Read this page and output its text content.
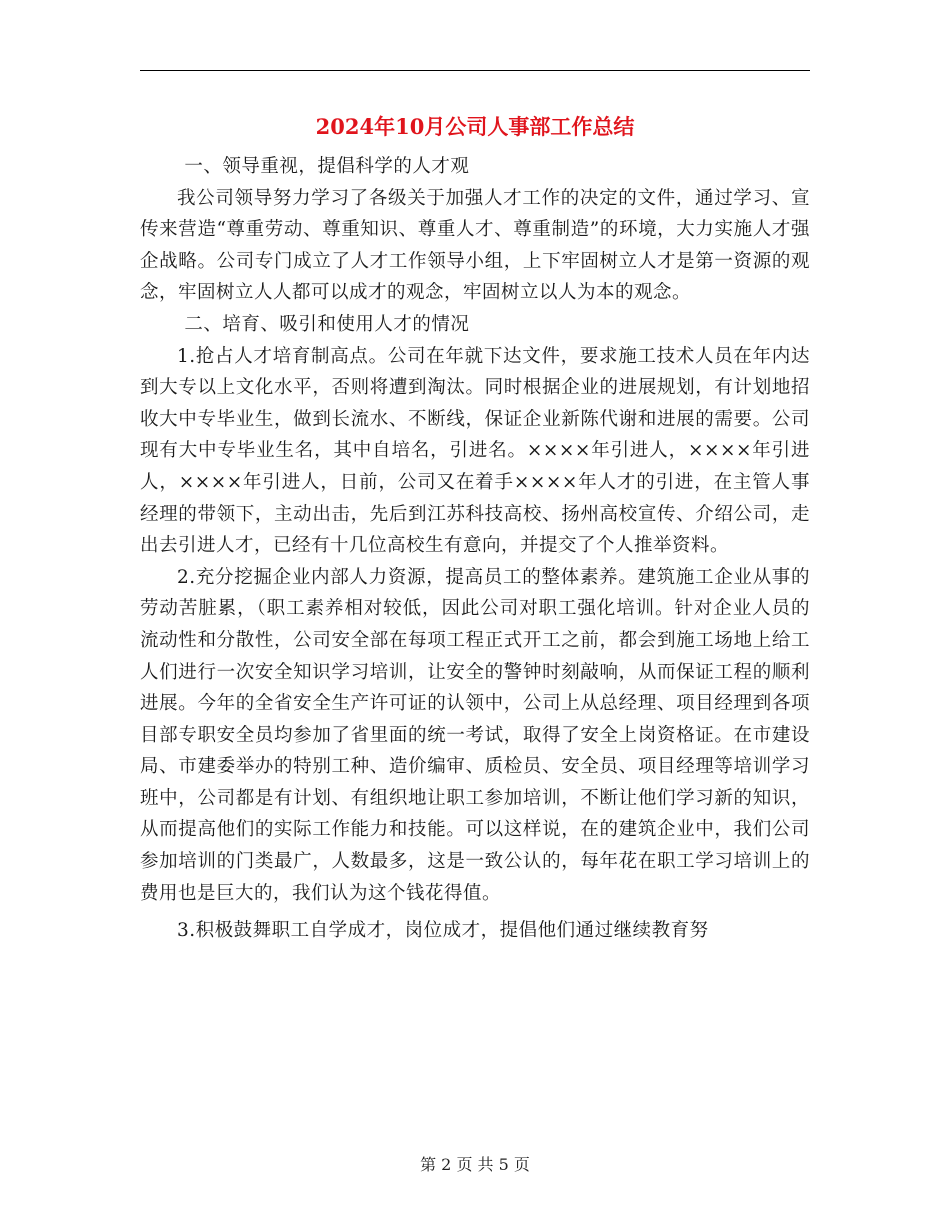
2024年10月公司人事部工作总结

一、领导重视，提倡科学的人才观

我公司领导努力学习了各级关于加强人才工作的决定的文件，通过学习、宣传来营造“尊重劳动、尊重知识、尊重人才、尊重制造”的环境，大力实施人才强企战略。公司专门成立了人才工作领导小组，上下牢固树立人才是第一资源的观念，牢固树立人人都可以成才的观念，牢固树立以人为本的观念。

二、培育、吸引和使用人才的情况

1.抢占人才培育制高点。公司在年就下达文件，要求施工技术人员在年内达到大专以上文化水平，否则将遭到淘汰。同时根据企业的进展规划，有计划地招收大中专毕业生，做到长流水、不断线，保证企业新陈代谢和进展的需要。公司现有大中专毕业生名，其中自培名，引进名。××××年引进人，××××年引进人，××××年引进人，日前，公司又在着手××××年人才的引进，在主管人事经理的带领下，主动出击，先后到江苏科技高校、扬州高校宣传、介绍公司，走出去引进人才，已经有十几位高校生有意向，并提交了个人推举资料。

2.充分挖掘企业内部人力资源，提高员工的整体素养。建筑施工企业从事的劳动苦脏累，（职工素养相对较低，因此公司对职工强化培训。针对企业人员的流动性和分散性，公司安全部在每项工程正式开工之前，都会到施工场地上给工人们进行一次安全知识学习培训，让安全的警钟时刻敲响，从而保证工程的顺利进展。今年的全省安全生产许可证的认领中，公司上从总经理、项目经理到各项目部专职安全员均参加了省里面的统一考试，取得了安全上岗资格证。在市建设局、市建委举办的特别工种、造价编审、质检员、安全员、项目经理等培训学习班中，公司都是有计划、有组织地让职工参加培训，不断让他们学习新的知识，从而提高他们的实际工作能力和技能。可以这样说，在的建筑企业中，我们公司参加培训的门类最广，人数最多，这是一致公认的，每年花在职工学习培训上的费用也是巨大的，我们认为这个钱花得值。

3.积极鼓舞职工自学成才，岗位成才，提倡他们通过继续教育努

第 2 页 共 5 页
